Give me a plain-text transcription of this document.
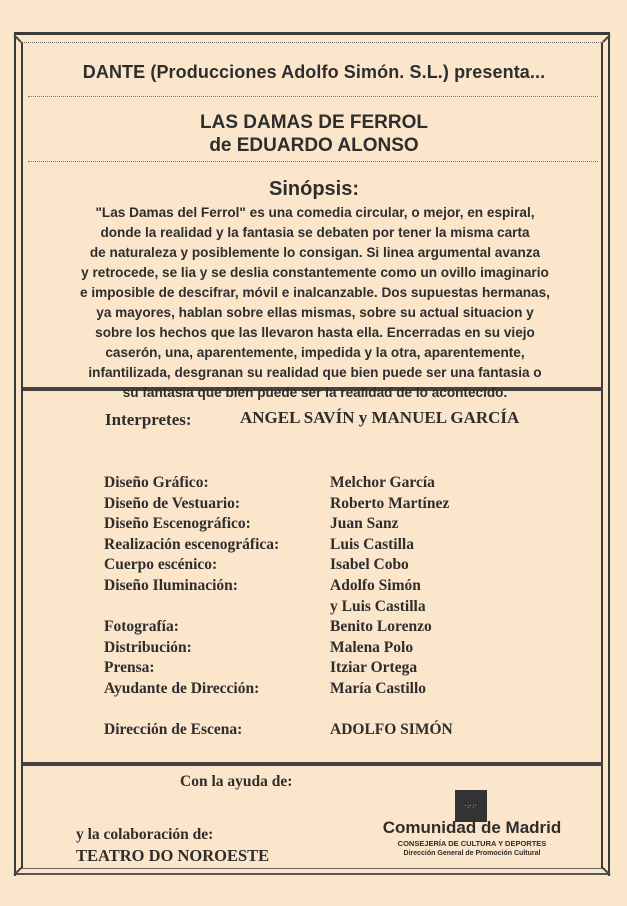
DANTE (Producciones Adolfo Simón. S.L.) presenta...
LAS DAMAS DE FERROL
de EDUARDO ALONSO
Sinópsis:
"Las Damas del Ferrol" es una comedia circular, o mejor, en espiral,
donde la realidad y la fantasia se debaten por tener la misma carta
de naturaleza y posiblemente lo consigan. Si linea argumental avanza
y retrocede, se lia y se deslia constantemente como un ovillo imaginario
e imposible de descifrar, móvil e inalcanzable. Dos supuestas hermanas,
ya mayores, hablan sobre ellas mismas, sobre su actual situacion y
sobre los hechos que las llevaron hasta ella. Encerradas en su viejo
caserón, una, aparentemente, impedida y la otra, aparentemente,
infantilizada, desgranan su realidad que bien puede ser una fantasia o
su fantasia que bien puede ser la realidad de lo acontecido.
Interpretes:	ANGEL SAVÍN y MANUEL GARCÍA
Diseño Gráfico:	Melchor García
Diseño de Vestuario:	Roberto Martínez
Diseño Escenográfico:	Juan Sanz
Realización escenográfica:	Luis Castilla
Cuerpo escénico:	Isabel Cobo
Diseño Iluminación:	Adolfo Simón
y Luis Castilla
Fotografía:	Benito Lorenzo
Distribución:	Malena Polo
Prensa:	Itziar Ortega
Ayudante de Dirección:	María Castillo
Dirección de Escena:	ADOLFO SIMÓN
Con la ayuda de:
y la colaboración de:
TEATRO DO NOROESTE
·:·:·
Comunidad de Madrid
CONSEJERÍA DE CULTURA Y DEPORTES
Dirección General de Promoción Cultural
